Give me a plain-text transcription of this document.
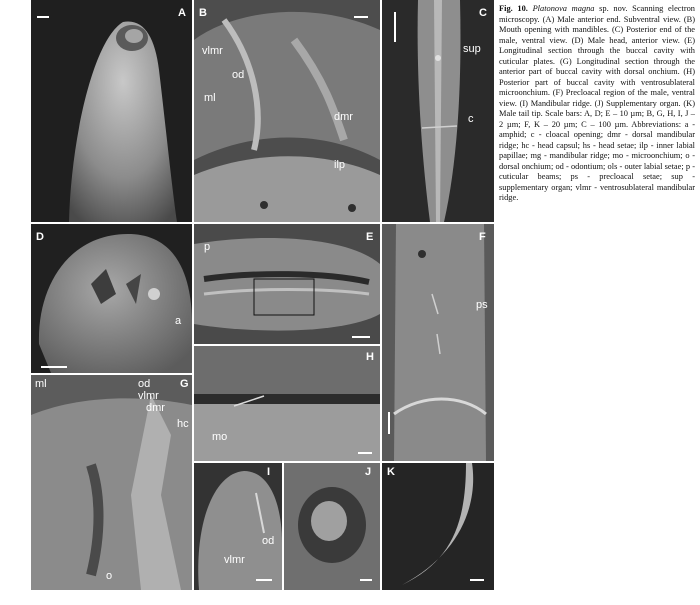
A B
vlmr
od
ml
dmr
ilp
C
sup
c
D
a
E
p
H
mo
F
ps
G
ml	od
vlmr
dmr
hc
o
I
vlmr
od
J K
Fig. 10. Platonova magna sp. nov. Scanning electron microscopy. (A) Male anterior end. Subventral view. (B) Mouth opening with mandibles. (C) Posterior end of the male, ventral view. (D) Male head, anterior view. (E) Longitudinal section through the buccal cavity with cuticular plates. (G) Longitudinal section through the anterior part of buccal cavity with dorsal onchium. (H) Posterior part of buccal cavity with ventrosublateral microonchium. (F) Precloacal region of the male, ventral view. (I) Mandibular ridge. (J) Supplementary organ. (K) Male tail tip. Scale bars: A, D; E – 10 µm; B, G, H, I, J – 2 µm; F, K – 20 µm; C – 100 µm. Abbreviations: a - amphid; c - cloacal opening; dmr - dorsal mandibular ridge; hc - head capsul; hs - head setae; ilp - inner labial papillae; mg - mandibular ridge; mo - microonchium; o - dorsal onchium; od - odontium; ols - outer labial setae; p - cuticular beams; ps - precloacal setae; sup - supplementary organ; vlmr - ventrosublateral mandibular ridge.
